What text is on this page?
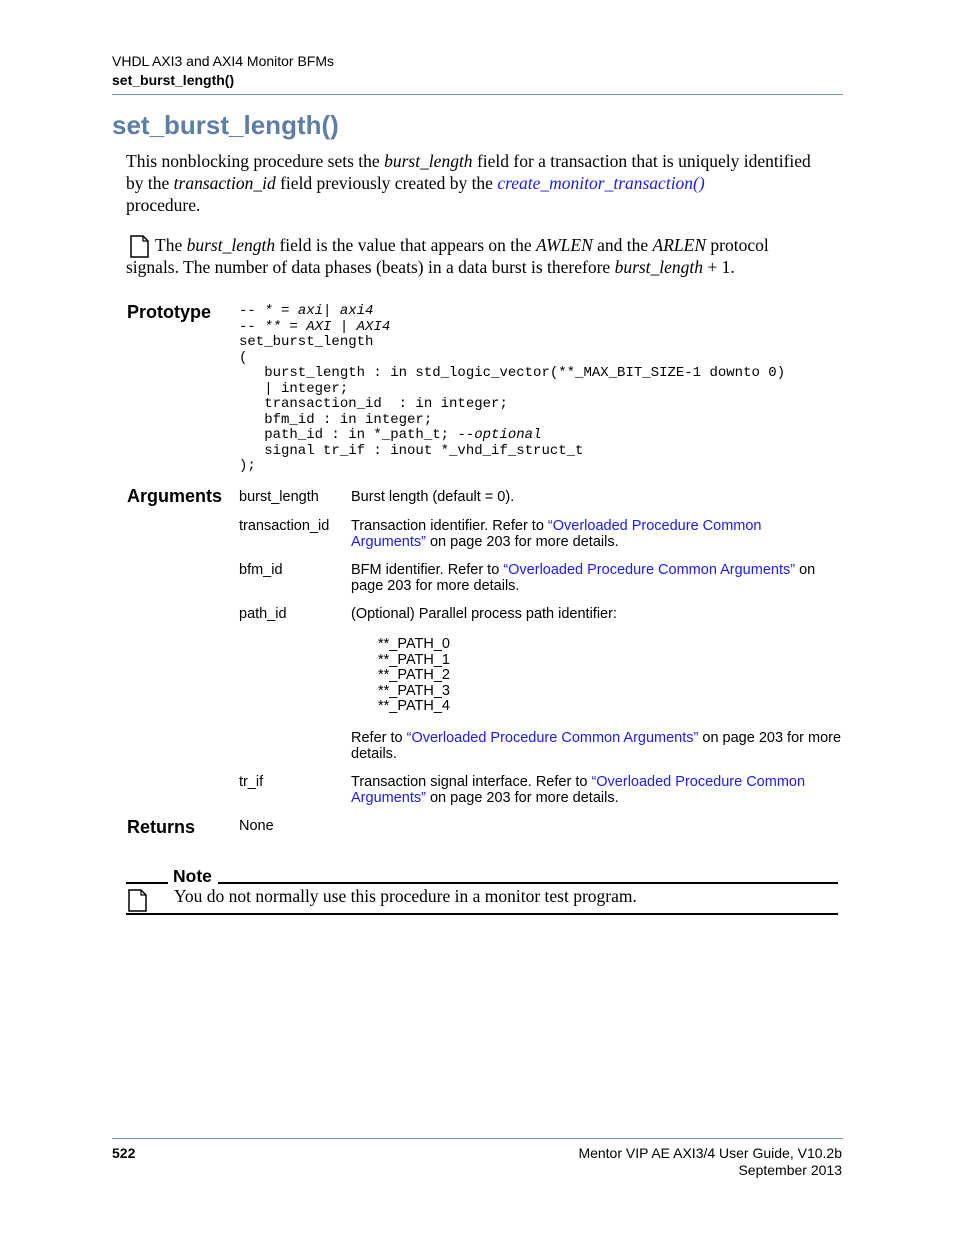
VHDL AXI3 and AXI4 Monitor BFMs
set_burst_length()
set_burst_length()
This nonblocking procedure sets the burst_length field for a transaction that is uniquely identified by the transaction_id field previously created by the create_monitor_transaction()
procedure.
The burst_length field is the value that appears on the AWLEN and the ARLEN protocol signals. The number of data phases (beats) in a data burst is therefore burst_length + 1.
Prototype -- * = axi| axi4
-- ** = AXI | AXI4
set_burst_length
(
burst_length : in std_logic_vector(**_MAX_BIT_SIZE-1 downto 0)
| integer;
transaction_id  : in integer;
bfm_id : in integer;
path_id : in *_path_t; --optional
signal tr_if : inout *_vhd_if_struct_t
);
Arguments burst_length Burst length (default = 0).
transaction_id Transaction identifier. Refer to “Overloaded Procedure Common Arguments” on page 203 for more details.
bfm_id	BFM identifier. Refer to “Overloaded Procedure Common Arguments” on page 203 for more details.
path_id	(Optional) Parallel process path identifier:
**_PATH_0
**_PATH_1
**_PATH_2
**_PATH_3
**_PATH_4
Refer to “Overloaded Procedure Common Arguments” on page 203 for more details.
tr_if	Transaction signal interface. Refer to “Overloaded Procedure Common Arguments” on page 203 for more details.
Returns	None
Note
You do not normally use this procedure in a monitor test program.
522	Mentor VIP AE AXI3/4 User Guide, V10.2b
September 2013
